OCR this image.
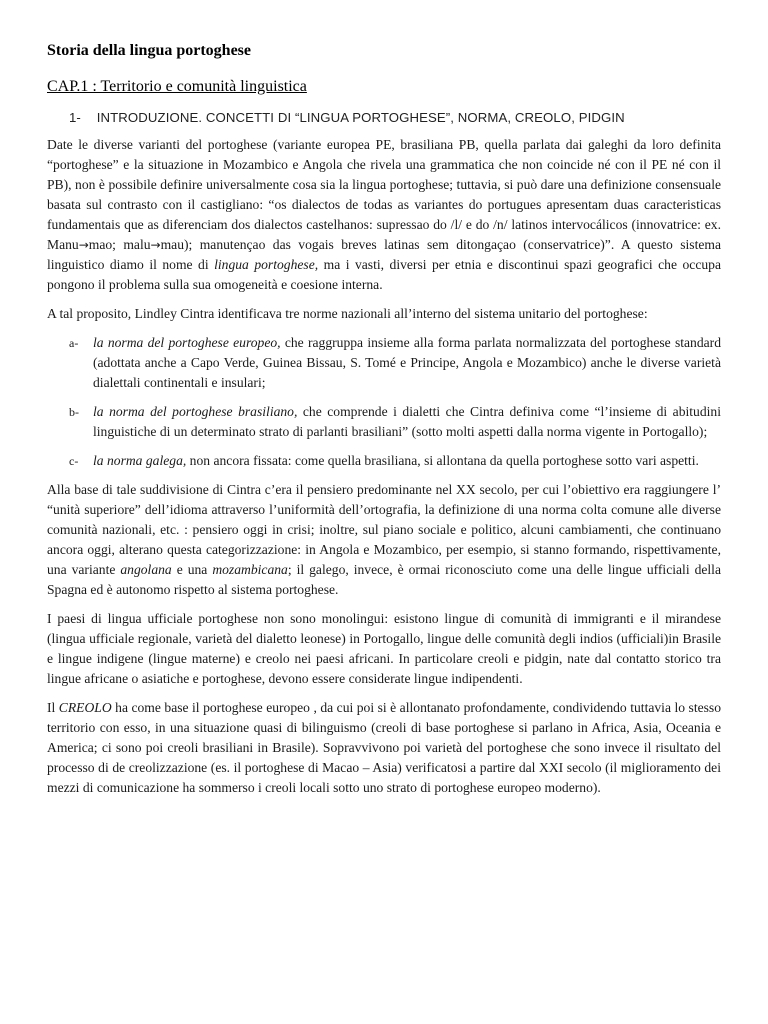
Storia della lingua portoghese
CAP.1 : Territorio e comunità linguistica
1- INTRODUZIONE. CONCETTI DI “LINGUA PORTOGHESE”, NORMA, CREOLO, PIDGIN

Date le diverse varianti del portoghese (variante europea PE, brasiliana PB, quella parlata dai galeghi da loro definita “portoghese” e la situazione in Mozambico e Angola che rivela una grammatica che non coincide né con il PE né con il PB), non è possibile definire universalmente cosa sia la lingua portoghese; tuttavia, si può dare una definizione consensuale basata sul contrasto con il castigliano: “os dialectos de todas as variantes do portugues apresentam duas caracteristicas fundamentais que as diferenciam dos dialectos castelhanos: supressao do /l/ e do /n/ latinos intervocálicos (innovatrice: ex. Manu→mao; malu→mau); manutençao das vogais breves latinas sem ditongaçao (conservatrice)”. A questo sistema linguistico diamo il nome di lingua portoghese, ma i vasti, diversi per etnia e discontinui spazi geografici che occupa pongono il problema sulla sua omogeneità e coesione interna.

A tal proposito, Lindley Cintra identificava tre norme nazionali all’interno del sistema unitario del portoghese:

a-	la norma del portoghese europeo, che raggruppa insieme alla forma parlata normalizzata del portoghese standard (adottata anche a Capo Verde, Guinea Bissau, S. Tomé e Principe, Angola e Mozambico) anche le diverse varietà dialettali continentali e insulari;

b-	la norma del portoghese brasiliano, che comprende i dialetti che Cintra definiva come “l’insieme di abitudini linguistiche di un determinato strato di parlanti brasiliani” (sotto molti aspetti dalla norma vigente in Portogallo);

c-	la norma galega, non ancora fissata: come quella brasiliana, si allontana da quella portoghese sotto vari aspetti.

Alla base di tale suddivisione di Cintra c’era il pensiero predominante nel XX secolo, per cui l’obiettivo era raggiungere l’ “unità superiore” dell’idioma attraverso l’uniformità dell’ortografia, la definizione di una norma colta comune alle diverse comunità nazionali, etc. : pensiero oggi in crisi; inoltre, sul piano sociale e politico, alcuni cambiamenti, che continuano ancora oggi, alterano questa categorizzazione: in Angola e Mozambico, per esempio, si stanno formando, rispettivamente, una variante angolana e una mozambicana; il galego, invece, è ormai riconosciuto come una delle lingue ufficiali della Spagna ed è autonomo rispetto al sistema portoghese.

I paesi di lingua ufficiale portoghese non sono monolingui: esistono lingue di comunità di immigranti e il mirandese (lingua ufficiale regionale, varietà del dialetto leonese) in Portogallo, lingue delle comunità degli indios (ufficiali)in Brasile e lingue indigene (lingue materne) e creolo nei paesi africani. In particolare creoli e pidgin, nate dal contatto storico tra lingue africane o asiatiche e portoghese, devono essere considerate lingue indipendenti.

Il CREOLO ha come base il portoghese europeo , da cui poi si è allontanato profondamente, condividendo tuttavia lo stesso territorio con esso, in una situazione quasi di bilinguismo (creoli di base portoghese si parlano in Africa, Asia, Oceania e America; ci sono poi creoli brasiliani in Brasile). Sopravvivono poi varietà del portoghese che sono invece il risultato del processo di de creolizzazione (es. il portoghese di Macao – Asia) verificatosi a partire dal XXI secolo (il miglioramento dei mezzi di comunicazione ha sommerso i creoli locali sotto uno strato di portoghese europeo moderno).
